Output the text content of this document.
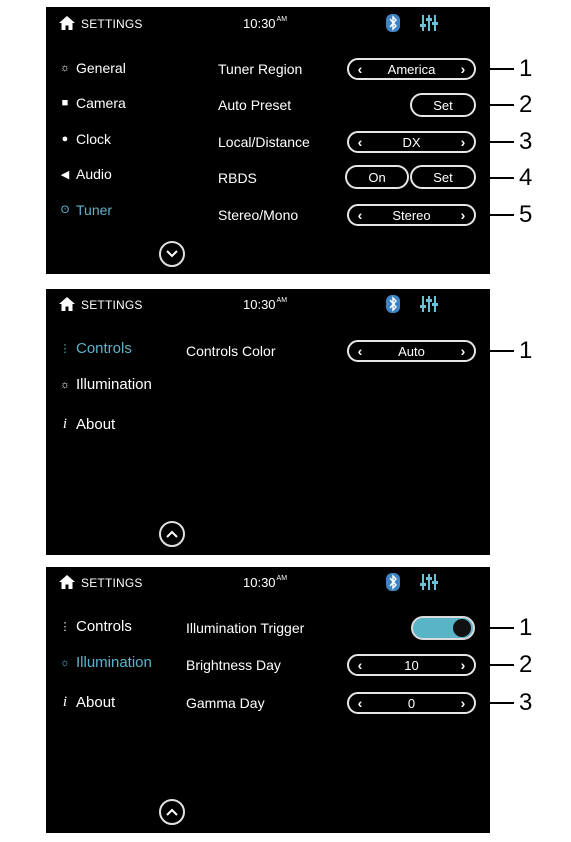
SETTINGS	$10:30^{AM}$
☼ General
■ Camera
● Clock
◀ Audio
ʘ Tuner
Tuner Region	‹	America	›
Auto Preset	Set
Local/Distance	‹	DX	›
RBDS	On	Set
Stereo/Mono	‹	Stereo	›
1
2
3
4
5
SETTINGS	$10:30^{AM}$
⋮ Controls
☼ Illumination
i About
Controls Color	‹	Auto	› 1
SETTINGS	$10:30^{AM}$
⋮ Controls
☼ Illumination
i About
Illumination Trigger
Brightness Day	‹	10	›
Gamma Day	‹	0	›
1
2
3
